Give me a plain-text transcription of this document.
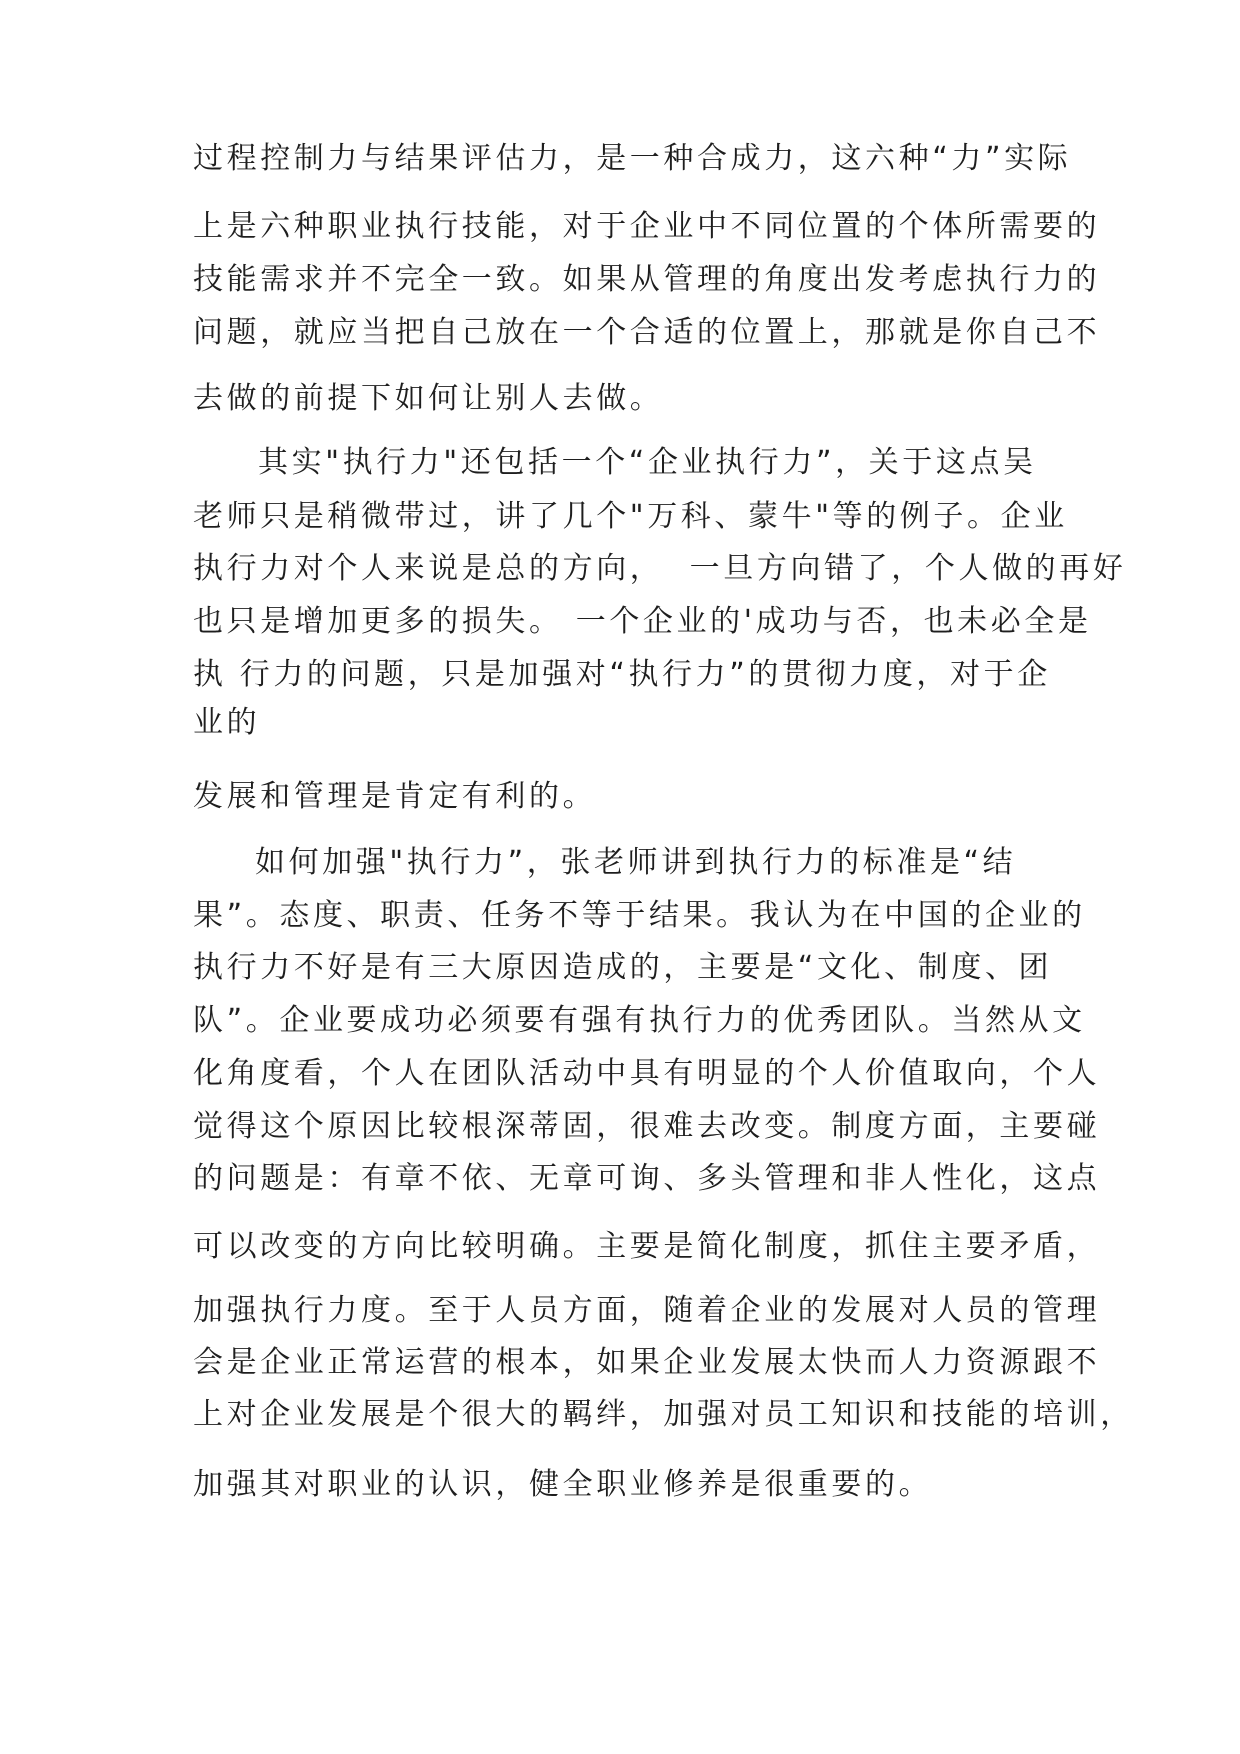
过程控制力与结果评估力，是一种合成力，这六种“力”实际
上是六种职业执行技能，对于企业中不同位置的个体所需要的
技能需求并不完全一致。如果从管理的角度出发考虑执行力的
问题，就应当把自己放在一个合适的位置上，那就是你自己不
去做的前提下如何让别人去做。
其实"执行力"还包括一个“企业执行力”，关于这点吴
老师只是稍微带过，讲了几个"万科、蒙牛"等的例子。企业
执行力对个人来说是总的方向，  一旦方向错了，个人做的再好
也只是增加更多的损失。 一个企业的'成功与否，也未必全是
执 行力的问题，只是加强对“执行力”的贯彻力度，对于企
业的
发展和管理是肯定有利的。
如何加强"执行力”，张老师讲到执行力的标准是“结
果”。态度、职责、任务不等于结果。我认为在中国的企业的
执行力不好是有三大原因造成的，主要是“文化、制度、团
队”。企业要成功必须要有强有执行力的优秀团队。当然从文
化角度看，个人在团队活动中具有明显的个人价值取向，个人
觉得这个原因比较根深蒂固，很难去改变。制度方面，主要碰
的问题是：有章不依、无章可询、多头管理和非人性化，这点
可以改变的方向比较明确。主要是简化制度，抓住主要矛盾，
加强执行力度。至于人员方面，随着企业的发展对人员的管理
会是企业正常运营的根本，如果企业发展太快而人力资源跟不
上对企业发展是个很大的羁绊，加强对员工知识和技能的培训，
加强其对职业的认识，健全职业修养是很重要的。
